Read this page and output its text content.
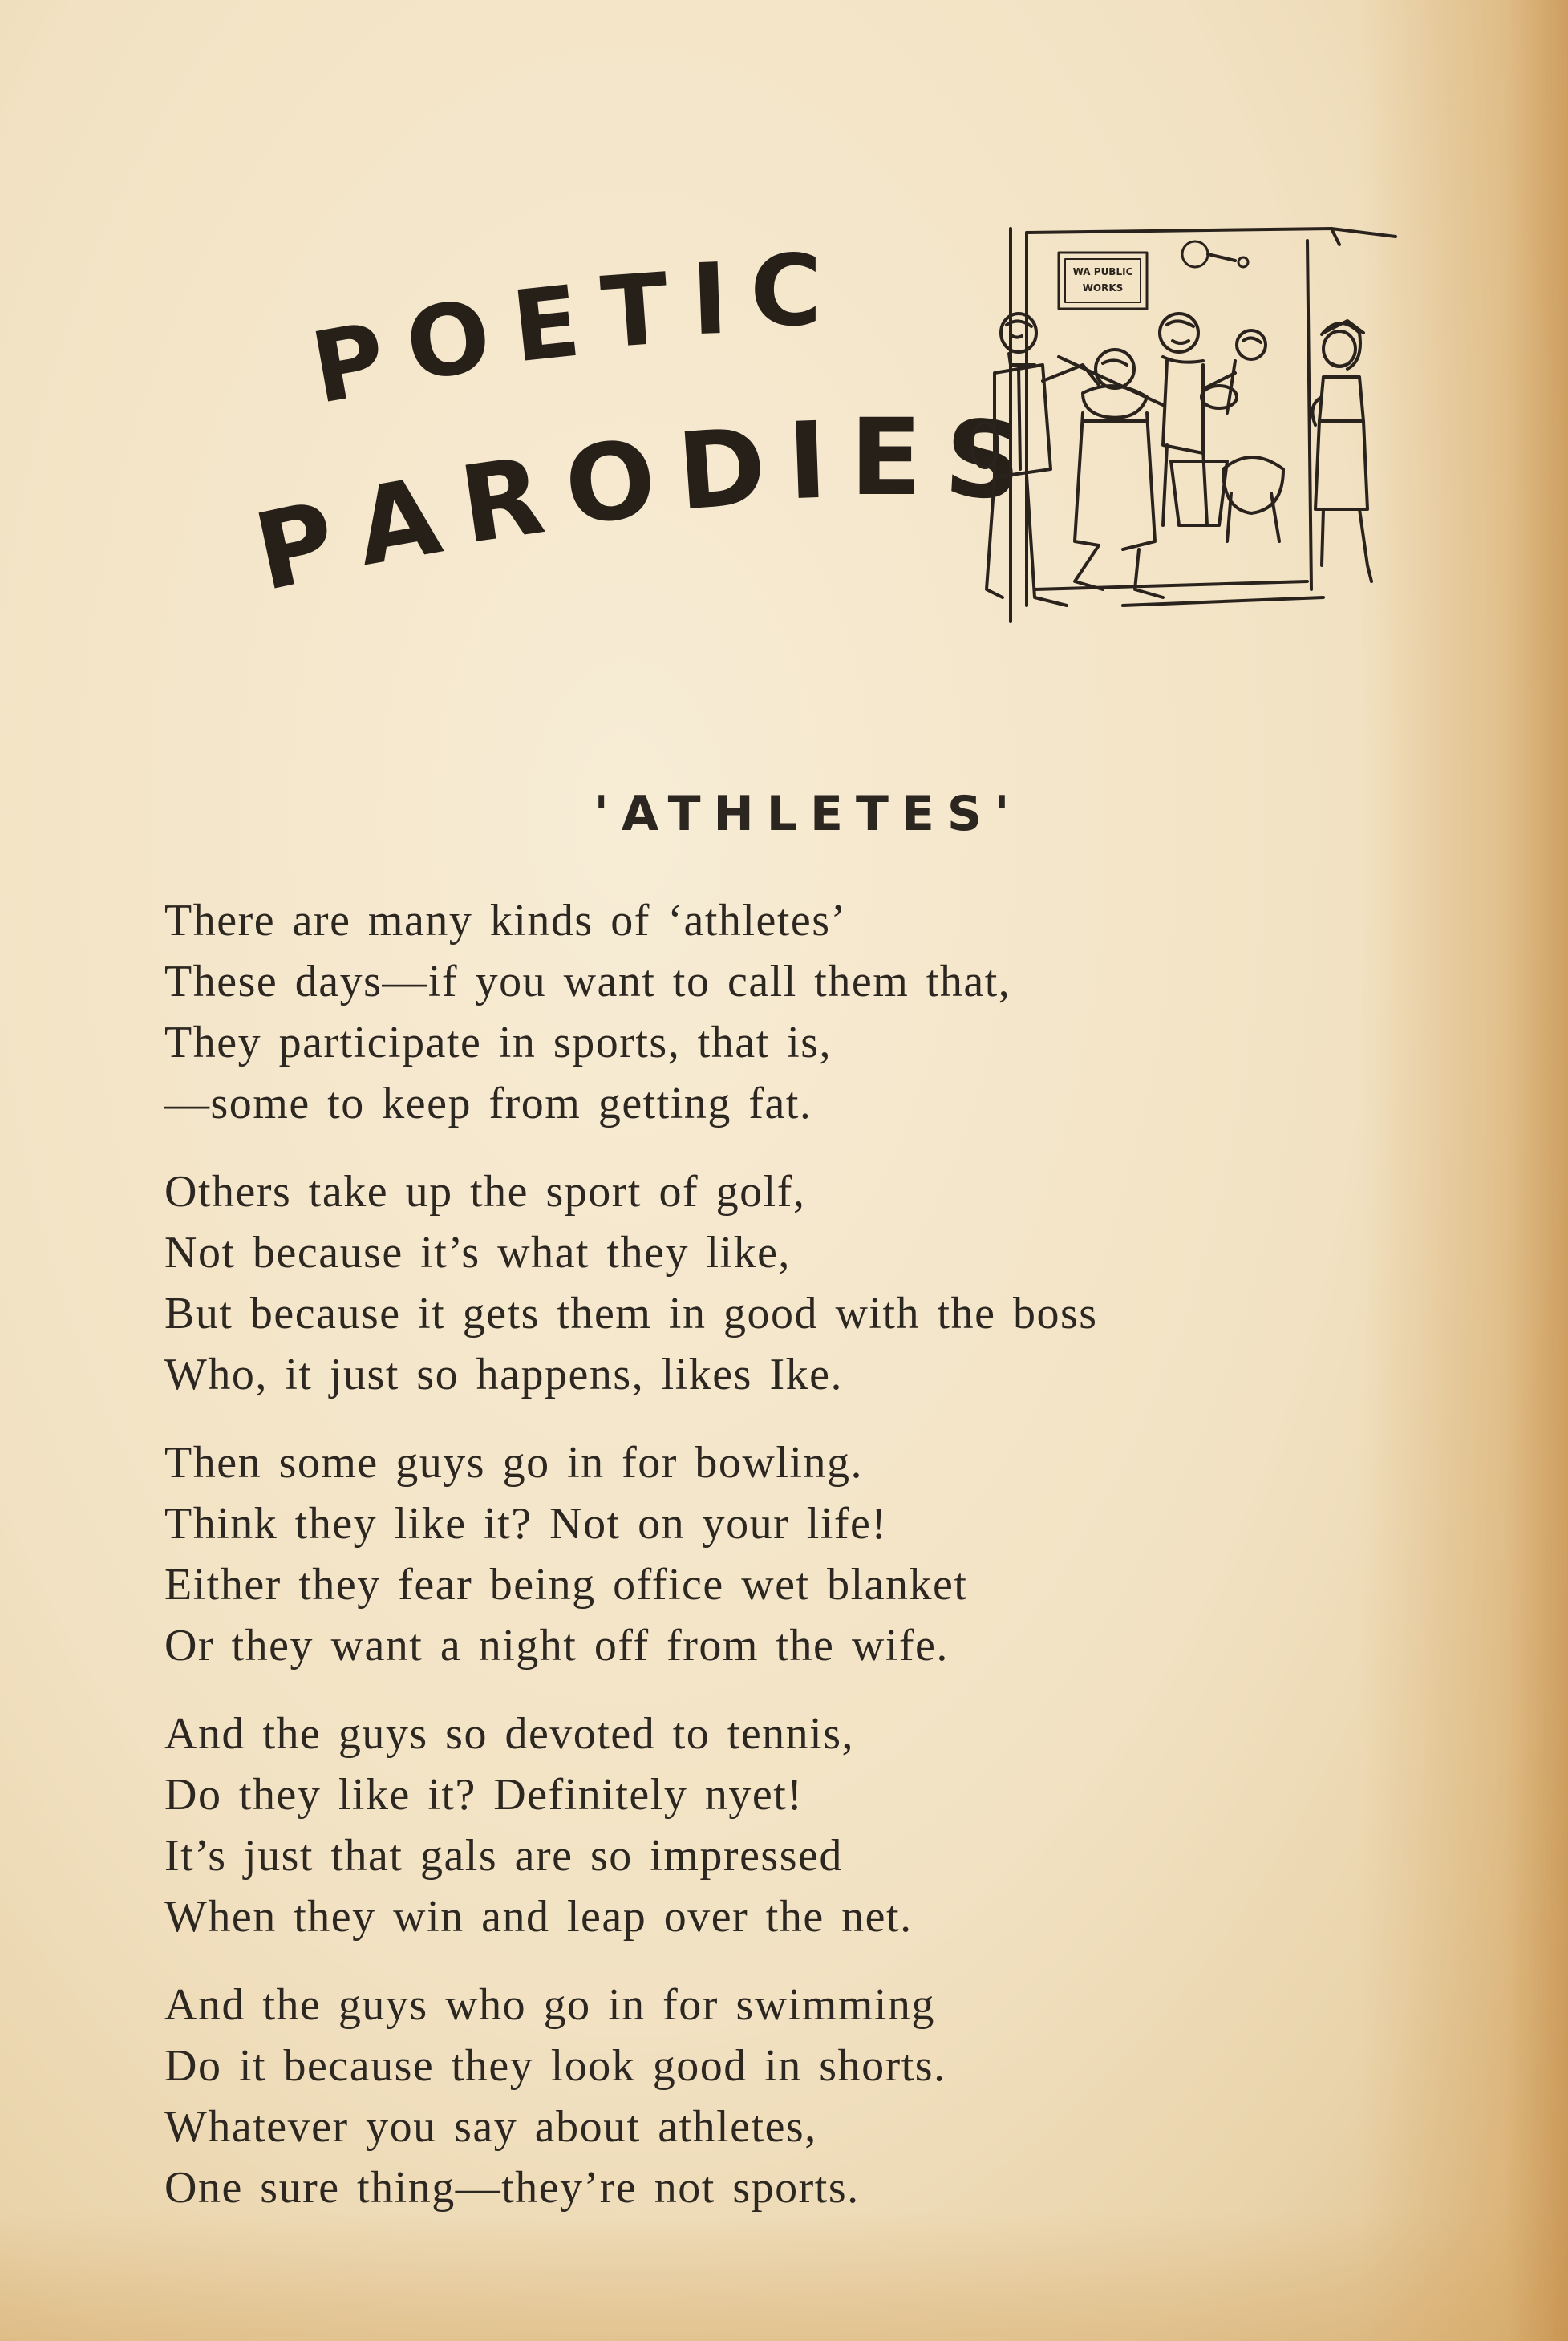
POETIC
PARODIES
WA PUBLIC
WORKS
'ATHLETES'
There are many kinds of ‘athletes’
These days—if you want to call them that,
They participate in sports, that is,
—some to keep from getting fat.
Others take up the sport of golf,
Not because it’s what they like,
But because it gets them in good with the boss
Who, it just so happens, likes Ike.
Then some guys go in for bowling.
Think they like it? Not on your life!
Either they fear being office wet blanket
Or they want a night off from the wife.
And the guys so devoted to tennis,
Do they like it? Definitely nyet!
It’s just that gals are so impressed
When they win and leap over the net.
And the guys who go in for swimming
Do it because they look good in shorts.
Whatever you say about athletes,
One sure thing—they’re not sports.
